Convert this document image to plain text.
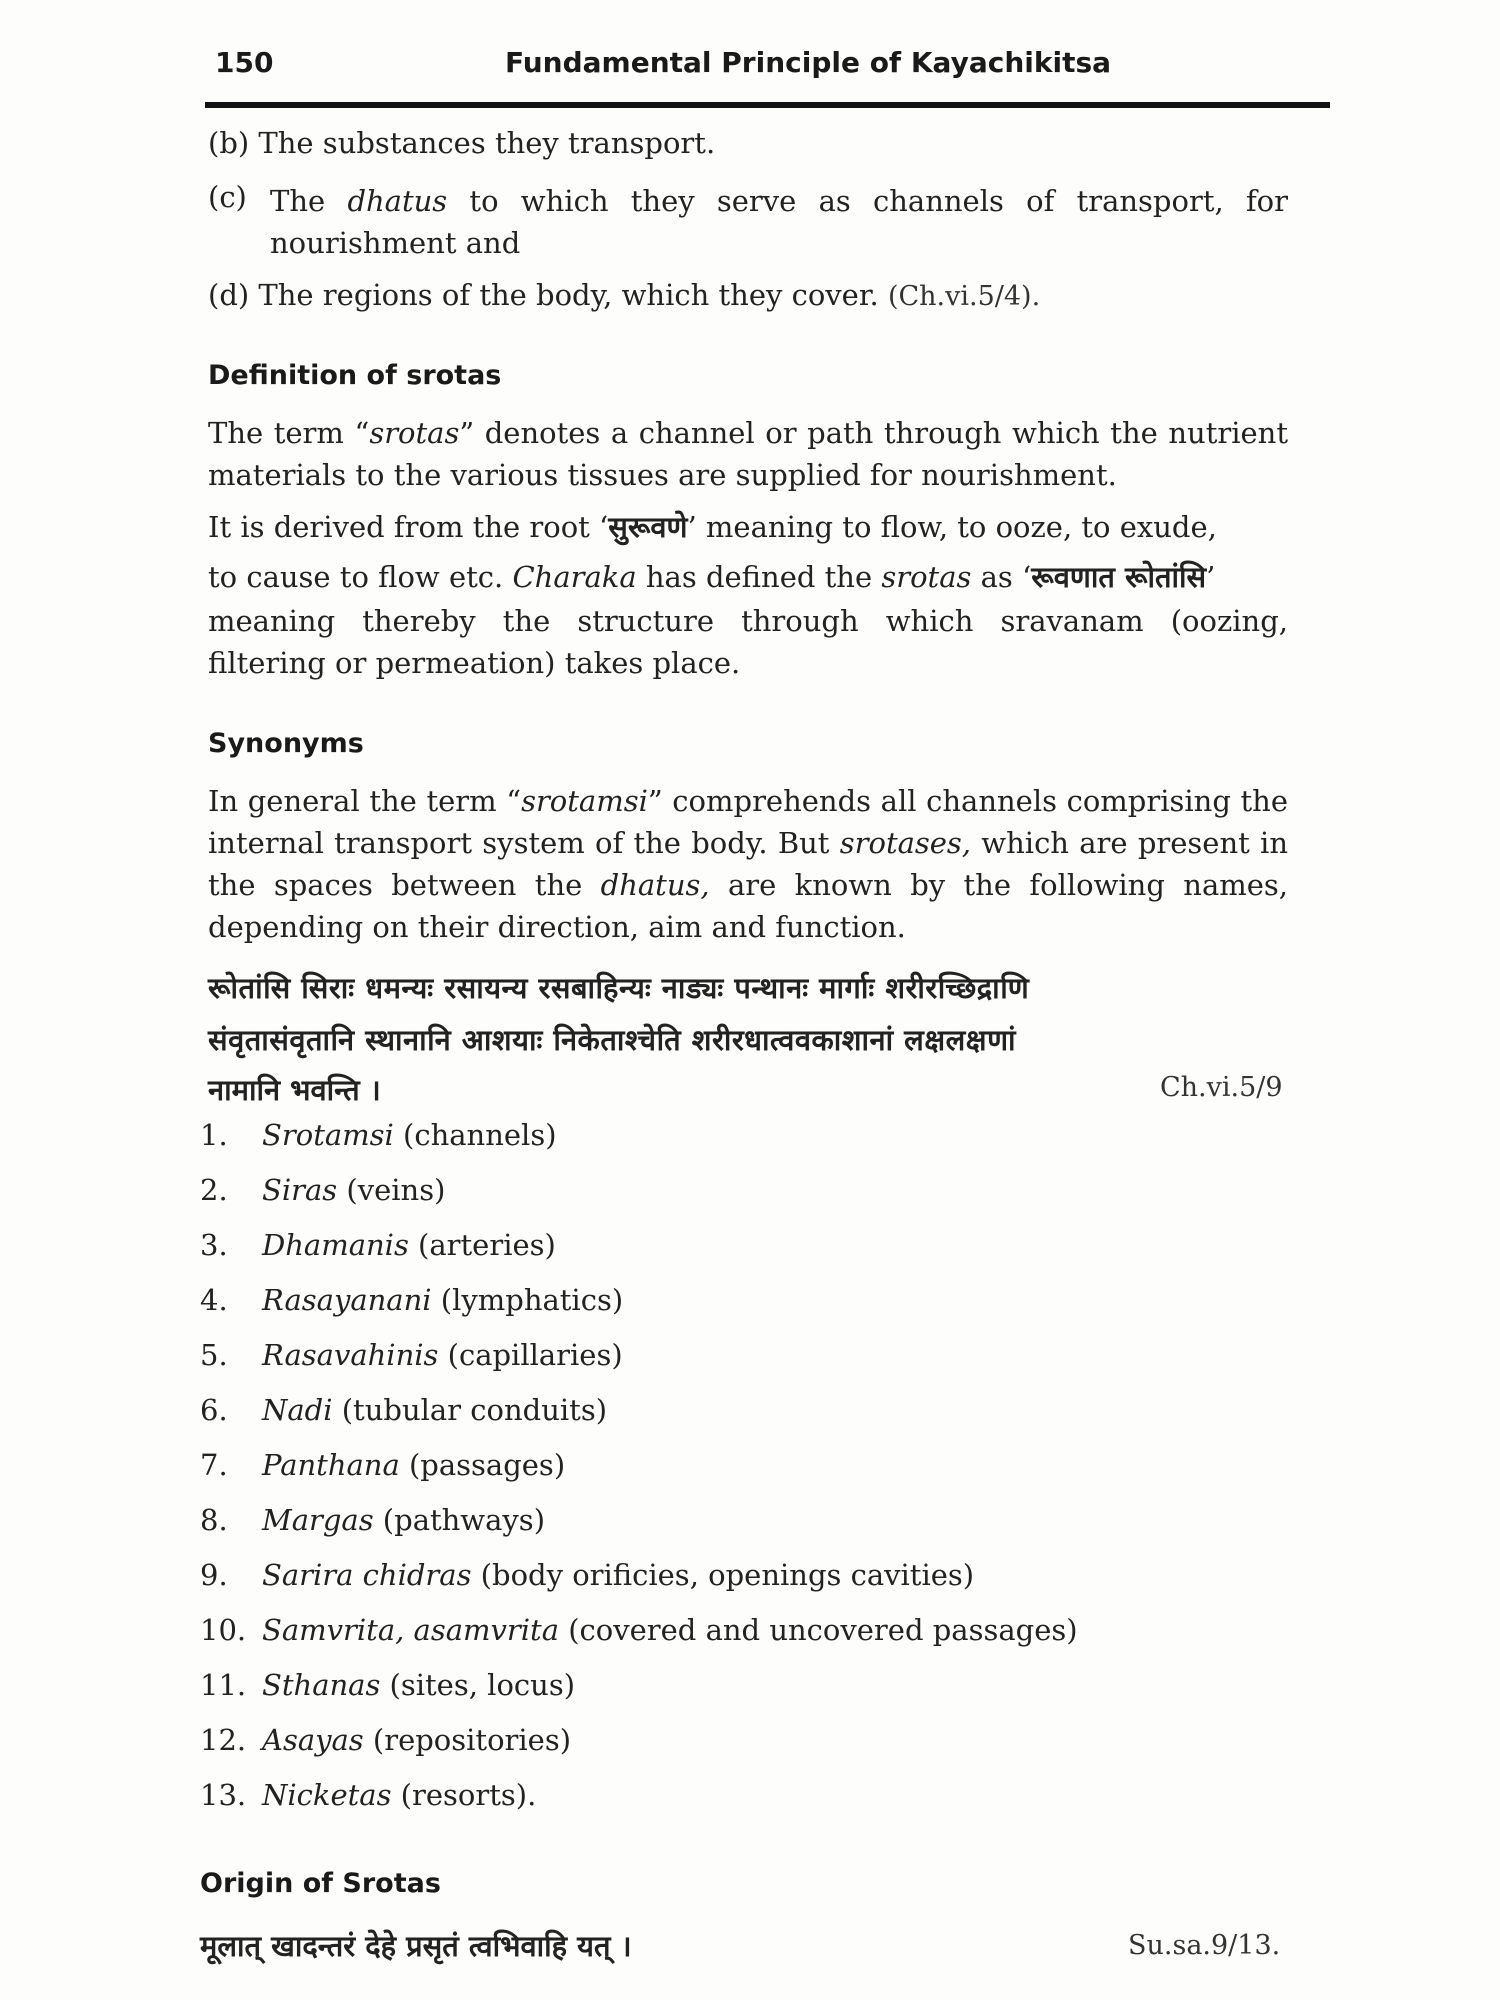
150	Fundamental Principle of Kayachikitsa
(b) The substances they transport.
(c) The dhatus to which they serve as channels of transport, for nourishment and
(d) The regions of the body, which they cover. (Ch.vi.5/4).
Definition of srotas
The term “srotas” denotes a channel or path through which the nutrient materials to the various tissues are supplied for nourishment.
It is derived from the root ‘सुरूवणे’ meaning to flow, to ooze, to exude,
to cause to flow etc. Charaka has defined the srotas as ‘रूवणात रूोतांसि’
meaning thereby the structure through which sravanam (oozing, filtering or permeation) takes place.
Synonyms
In general the term “srotamsi” comprehends all channels comprising the internal transport system of the body. But srotases, which are present in the spaces between the dhatus, are known by the following names, depending on their direction, aim and function.
रूोतांसि सिराः धमन्यः रसायन्य रसबाहिन्यः नाड्यः पन्थानः मार्गाः शरीरच्छिद्राणि
संवृतासंवृतानि स्थानानि आशयाः निकेताश्चेति शरीरधात्ववकाशानां लक्षलक्षणां
नामानि भवन्ति ।	Ch.vi.5/9
1. Srotamsi (channels)
2. Siras (veins)
3. Dhamanis (arteries)
4. Rasayanani (lymphatics)
5. Rasavahinis (capillaries)
6. Nadi (tubular conduits)
7. Panthana (passages)
8. Margas (pathways)
9. Sarira chidras (body orificies, openings cavities)
10. Samvrita, asamvrita (covered and uncovered passages)
11. Sthanas (sites, locus)
12. Asayas (repositories)
13. Nicketas (resorts).
Origin of Srotas
मूलात् खादन्तरं देहे प्रसृतं त्वभिवाहि यत् ।	Su.sa.9/13.
